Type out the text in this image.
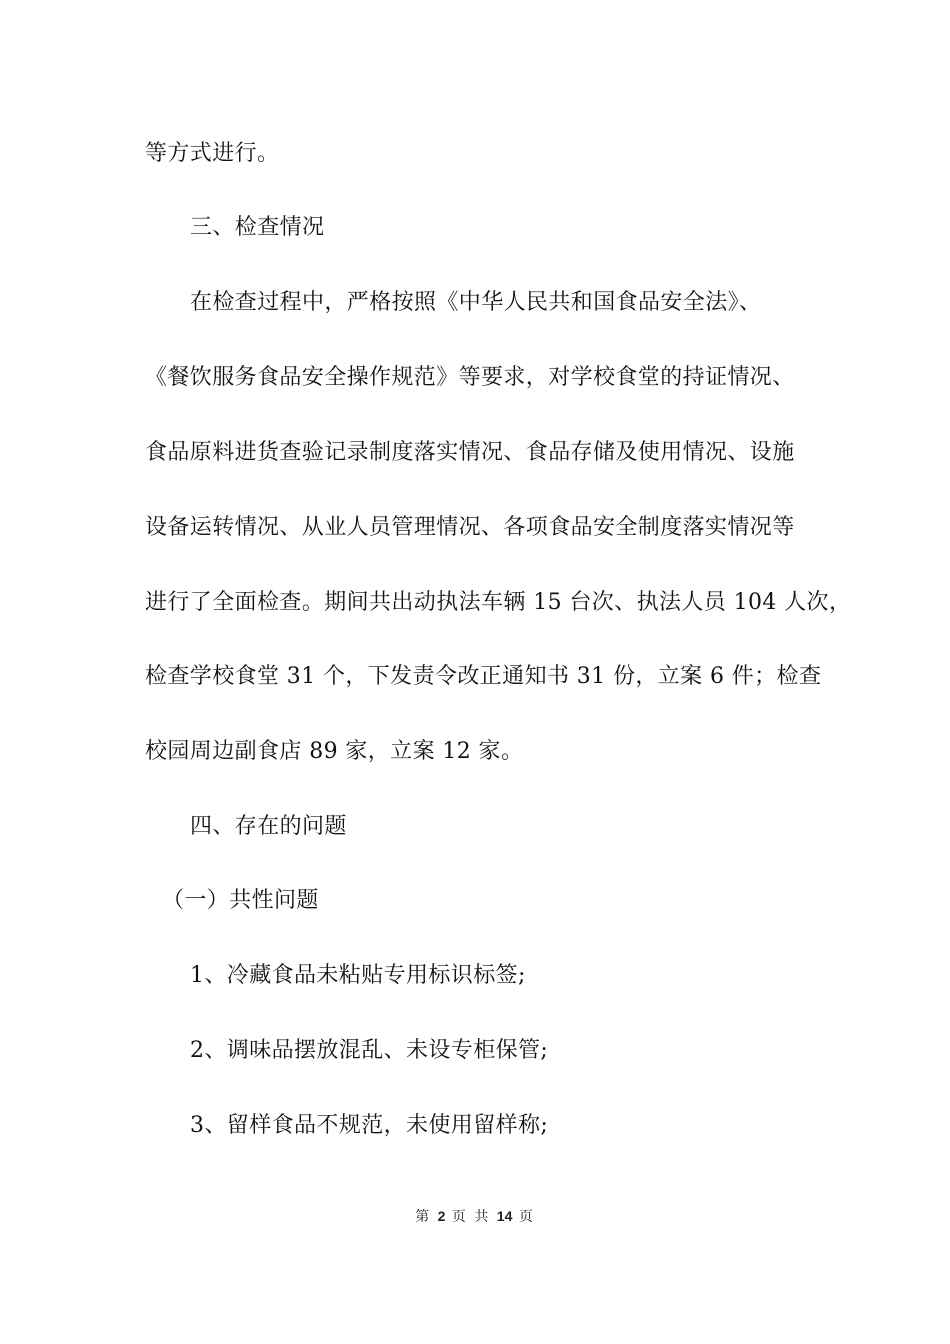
等方式进行。
三、检查情况
在检查过程中，严格按照《中华人民共和国食品安全法》、
《餐饮服务食品安全操作规范》等要求，对学校食堂的持证情况、
食品原料进货查验记录制度落实情况、食品存储及使用情况、设施
设备运转情况、从业人员管理情况、各项食品安全制度落实情况等
进行了全面检查。期间共出动执法车辆 15 台次、执法人员 104 人次，
检查学校食堂 31 个，下发责令改正通知书 31 份，立案 6 件；检查
校园周边副食店 89 家，立案 12 家。
四、存在的问题
（一）共性问题
1、冷藏食品未粘贴专用标识标签;
2、调味品摆放混乱、未设专柜保管;
3、留样食品不规范，未使用留样称;
第 2 页 共 14 页
